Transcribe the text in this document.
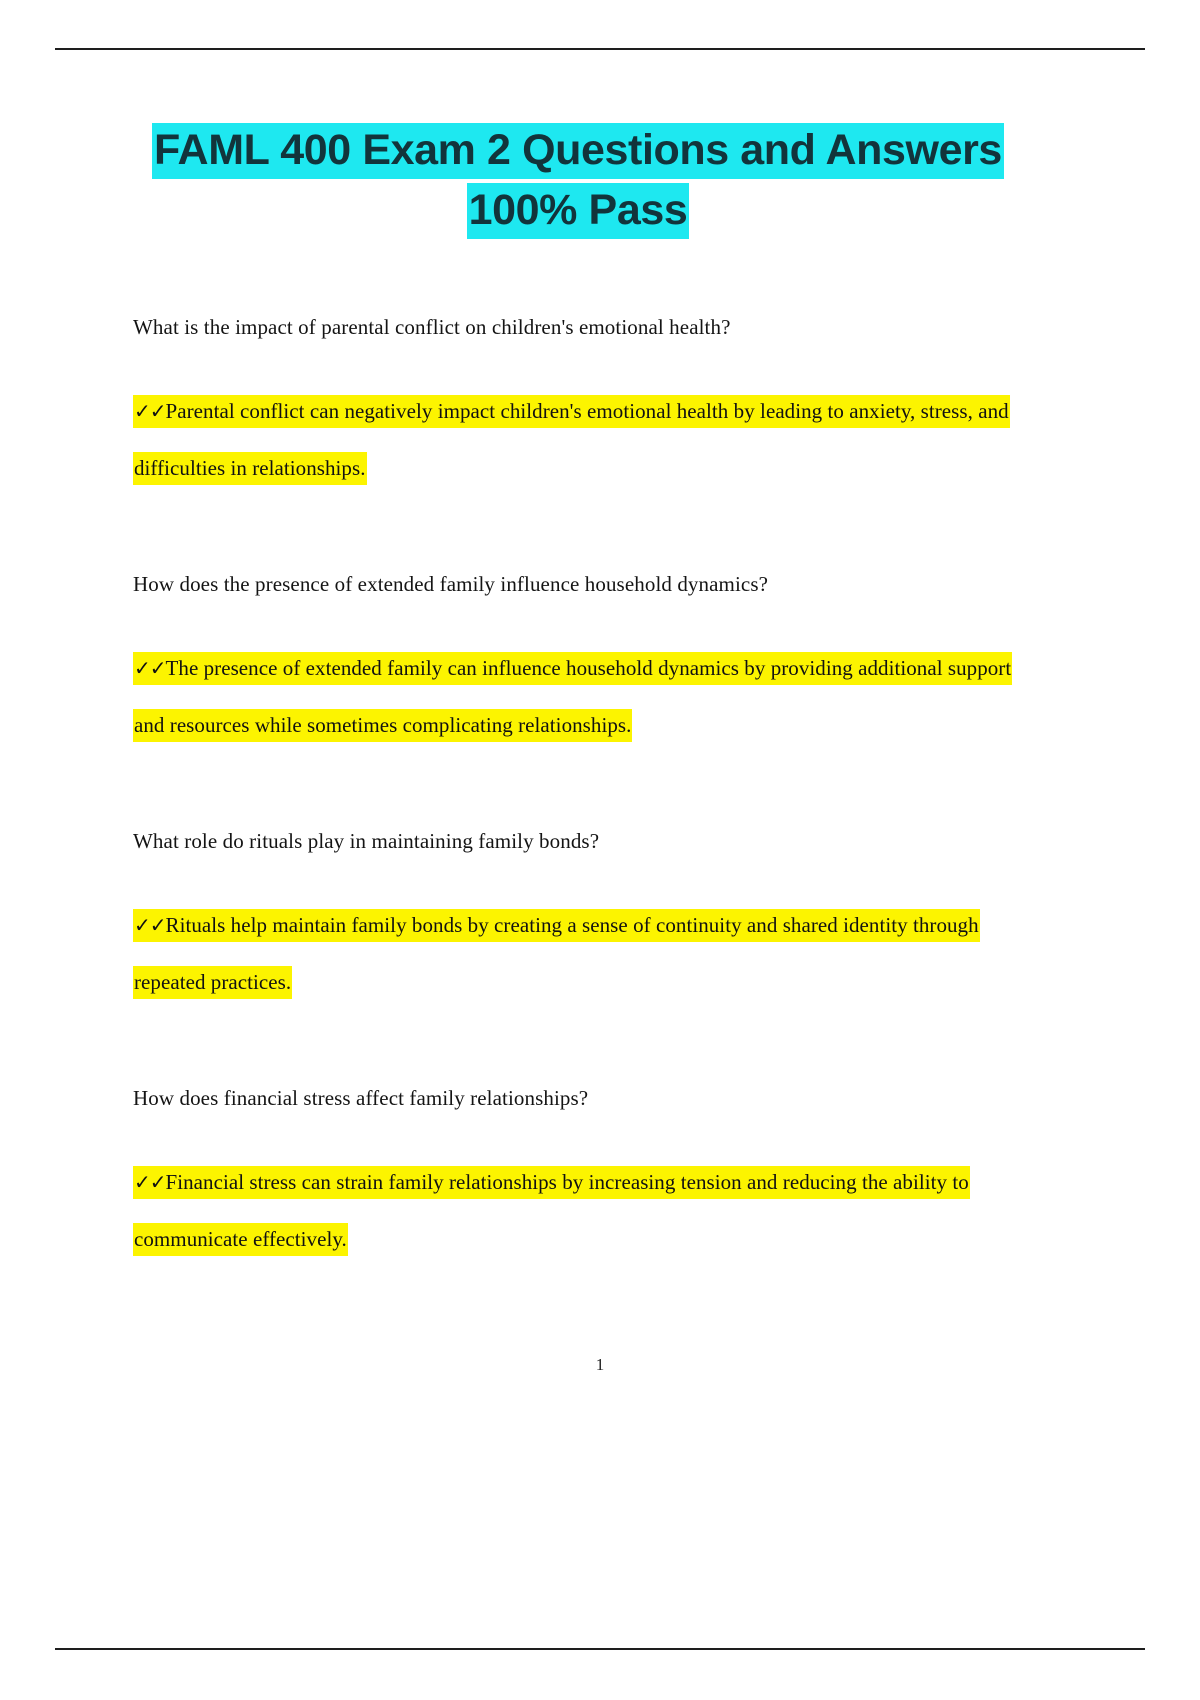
FAML 400 Exam 2 Questions and Answers 100% Pass

What is the impact of parental conflict on children's emotional health?

✓✓Parental conflict can negatively impact children's emotional health by leading to anxiety, stress, and difficulties in relationships.

How does the presence of extended family influence household dynamics?

✓✓The presence of extended family can influence household dynamics by providing additional support and resources while sometimes complicating relationships.

What role do rituals play in maintaining family bonds?

✓✓Rituals help maintain family bonds by creating a sense of continuity and shared identity through repeated practices.

How does financial stress affect family relationships?

✓✓Financial stress can strain family relationships by increasing tension and reducing the ability to communicate effectively.

1
